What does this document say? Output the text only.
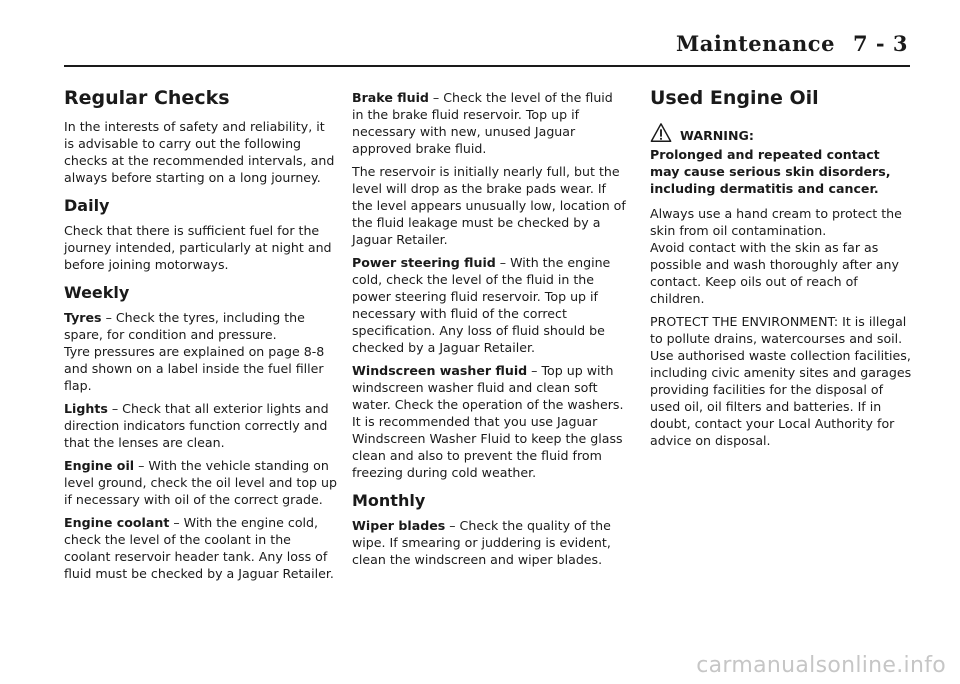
Maintenance 7 - 3
Regular Checks

In the interests of safety and reliability, it is advisable to carry out the following checks at the recommended intervals, and always before starting on a long journey.

Daily

Check that there is sufficient fuel for the journey intended, particularly at night and before joining motorways.

Weekly

Tyres – Check the tyres, including the spare, for condition and pressure.

Tyre pressures are explained on page 8-8 and shown on a label inside the fuel filler flap.

Lights – Check that all exterior lights and direction indicators function correctly and that the lenses are clean.

Engine oil – With the vehicle standing on level ground, check the oil level and top up if necessary with oil of the correct grade.

Engine coolant – With the engine cold, check the level of the coolant in the coolant reservoir header tank. Any loss of fluid must be checked by a Jaguar Retailer.

Brake fluid – Check the level of the fluid in the brake fluid reservoir. Top up if necessary with new, unused Jaguar approved brake fluid.

The reservoir is initially nearly full, but the level will drop as the brake pads wear. If the level appears unusually low, location of the fluid leakage must be checked by a Jaguar Retailer.

Power steering fluid – With the engine cold, check the level of the fluid in the power steering fluid reservoir. Top up if necessary with fluid of the correct specification. Any loss of fluid should be checked by a Jaguar Retailer.

Windscreen washer fluid – Top up with windscreen washer fluid and clean soft water. Check the operation of the washers. It is recommended that you use Jaguar Windscreen Washer Fluid to keep the glass clean and also to prevent the fluid from freezing during cold weather.

Monthly

Wiper blades – Check the quality of the wipe. If smearing or juddering is evident, clean the windscreen and wiper blades.

Used Engine Oil
WARNING:

Prolonged and repeated contact may cause serious skin disorders, including dermatitis and cancer.

Always use a hand cream to protect the skin from oil contamination.

Avoid contact with the skin as far as possible and wash thoroughly after any contact. Keep oils out of reach of children.

PROTECT THE ENVIRONMENT: It is illegal to pollute drains, watercourses and soil. Use authorised waste collection facilities, including civic amenity sites and garages providing facilities for the disposal of used oil, oil filters and batteries. If in doubt, contact your Local Authority for advice on disposal.

carmanualsonline.info
